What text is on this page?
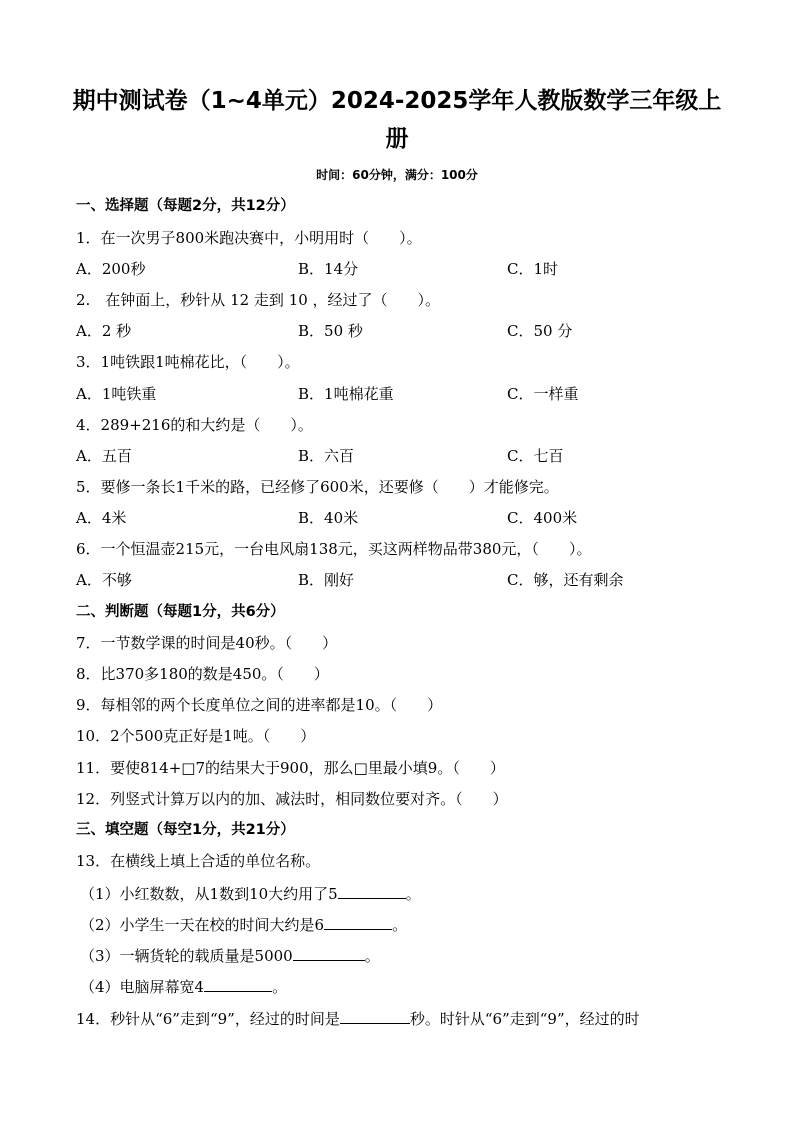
期中测试卷（1~4单元）2024-2025学年人教版数学三年级上
册
时间：60分钟，满分：100分
一、选择题（每题2分，共12分）
1．在一次男子800米跑决赛中，小明用时（　　）。
A．200秒	B．14分	C．1时
2.　在钟面上，秒针从 12 走到 10 ，经过了（　　）。
A．2 秒	B．50 秒	C．50 分
3．1吨铁跟1吨棉花比，（　　）。
A．1吨铁重	B．1吨棉花重	C．一样重
4．289+216的和大约是（　　）。
A．五百	B．六百	C．七百
5．要修一条长1千米的路，已经修了600米，还要修（　　）才能修完。
A．4米	B．40米	C．400米
6．一个恒温壶215元，一台电风扇138元，买这两样物品带380元，（　　）。
A．不够	B．刚好	C．够，还有剩余
二、判断题（每题1分，共6分）
7．一节数学课的时间是40秒。（　　）
8．比370多180的数是450。（　　）
9．每相邻的两个长度单位之间的进率都是10。（　　）
10．2个500克正好是1吨。（　　）
11．要使814+□7的结果大于900，那么□里最小填9。（　　）
12．列竖式计算万以内的加、减法时，相同数位要对齐。（　　）
三、填空题（每空1分，共21分）
13．在横线上填上合适的单位名称。
（1）小红数数，从1数到10大约用了5	。
（2）小学生一天在校的时间大约是6	。
（3）一辆货轮的载质量是5000	。
（4）电脑屏幕宽4	。
14．秒针从“6”走到“9”，经过的时间是	秒。时针从“6”走到“9”，经过的时
